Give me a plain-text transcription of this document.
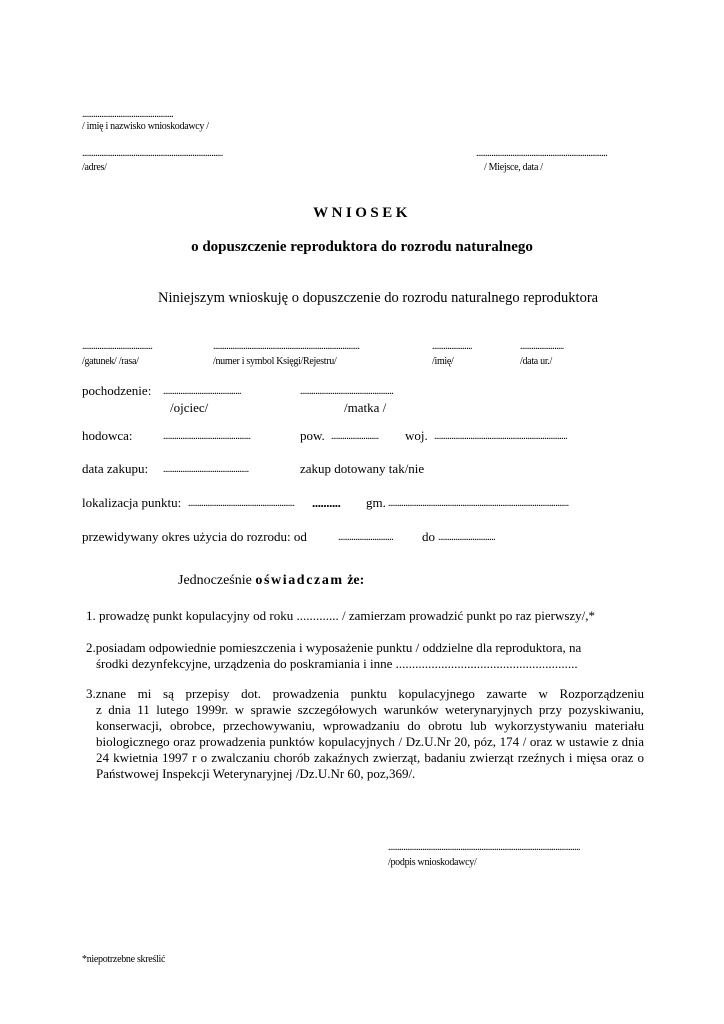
................................................
/ imię i nazwisko wnioskodawcy /
..........................................................................
/adres/
.....................................................................
/ Miejsce, data /
WNIOSEK
o dopuszczenie reproduktora do rozrodu naturalnego
Niniejszym wnioskuję o dopuszczenie do rozrodu naturalnego reproduktora
.....................................
/gatunek/ /rasa/
.............................................................................
/numer i symbol Księgi/Rejestru/
.....................
/imię/
.......................
/data ur./
pochodzenie: .........................................
/ojciec/
.................................................
/matka /
hodowca:	..............................................	pow. ......................... woj. ......................................................................
data zakupu: .............................................	zakup dotowany tak/nie
lokalizacja punktu: ........................................................ .......... gm. ...............................................................................................
przewidywany okres użycia do rozrodu: od	............................. do ..............................
Jednocześnie oświadczam że:
1. prowadzę punkt kopulacyjny od roku ............. / zamierzam prowadzić punkt po raz pierwszy/,*
2.posiadam odpowiednie pomieszczenia i wyposażenie punktu / oddzielne dla reproduktora, na
środki dezynfekcyjne, urządzenia do poskramiania i inne ........................................................
3.znane mi są przepisy dot. prowadzenia punktu kopulacyjnego zawarte w Rozporządzeniu
z dnia 11 lutego 1999r. w sprawie szczegółowych warunków weterynaryjnych przy pozyskiwaniu, konserwacji, obrobce, przechowywaniu, wprowadzaniu do obrotu lub wykorzystywaniu materiału biologicznego oraz prowadzenia punktów kopulacyjnych / Dz.U.Nr 20, póz, 174 / oraz w ustawie z dnia 24 kwietnia 1997 r o zwalczaniu chorób zakaźnych zwierząt, badaniu zwierząt rzeźnych i mięsa oraz o Państwowej Inspekcji Weterynaryjnej /Dz.U.Nr 60, poz,369/.
.....................................................................................................
/podpis wnioskodawcy/
*niepotrzebne skreślić
